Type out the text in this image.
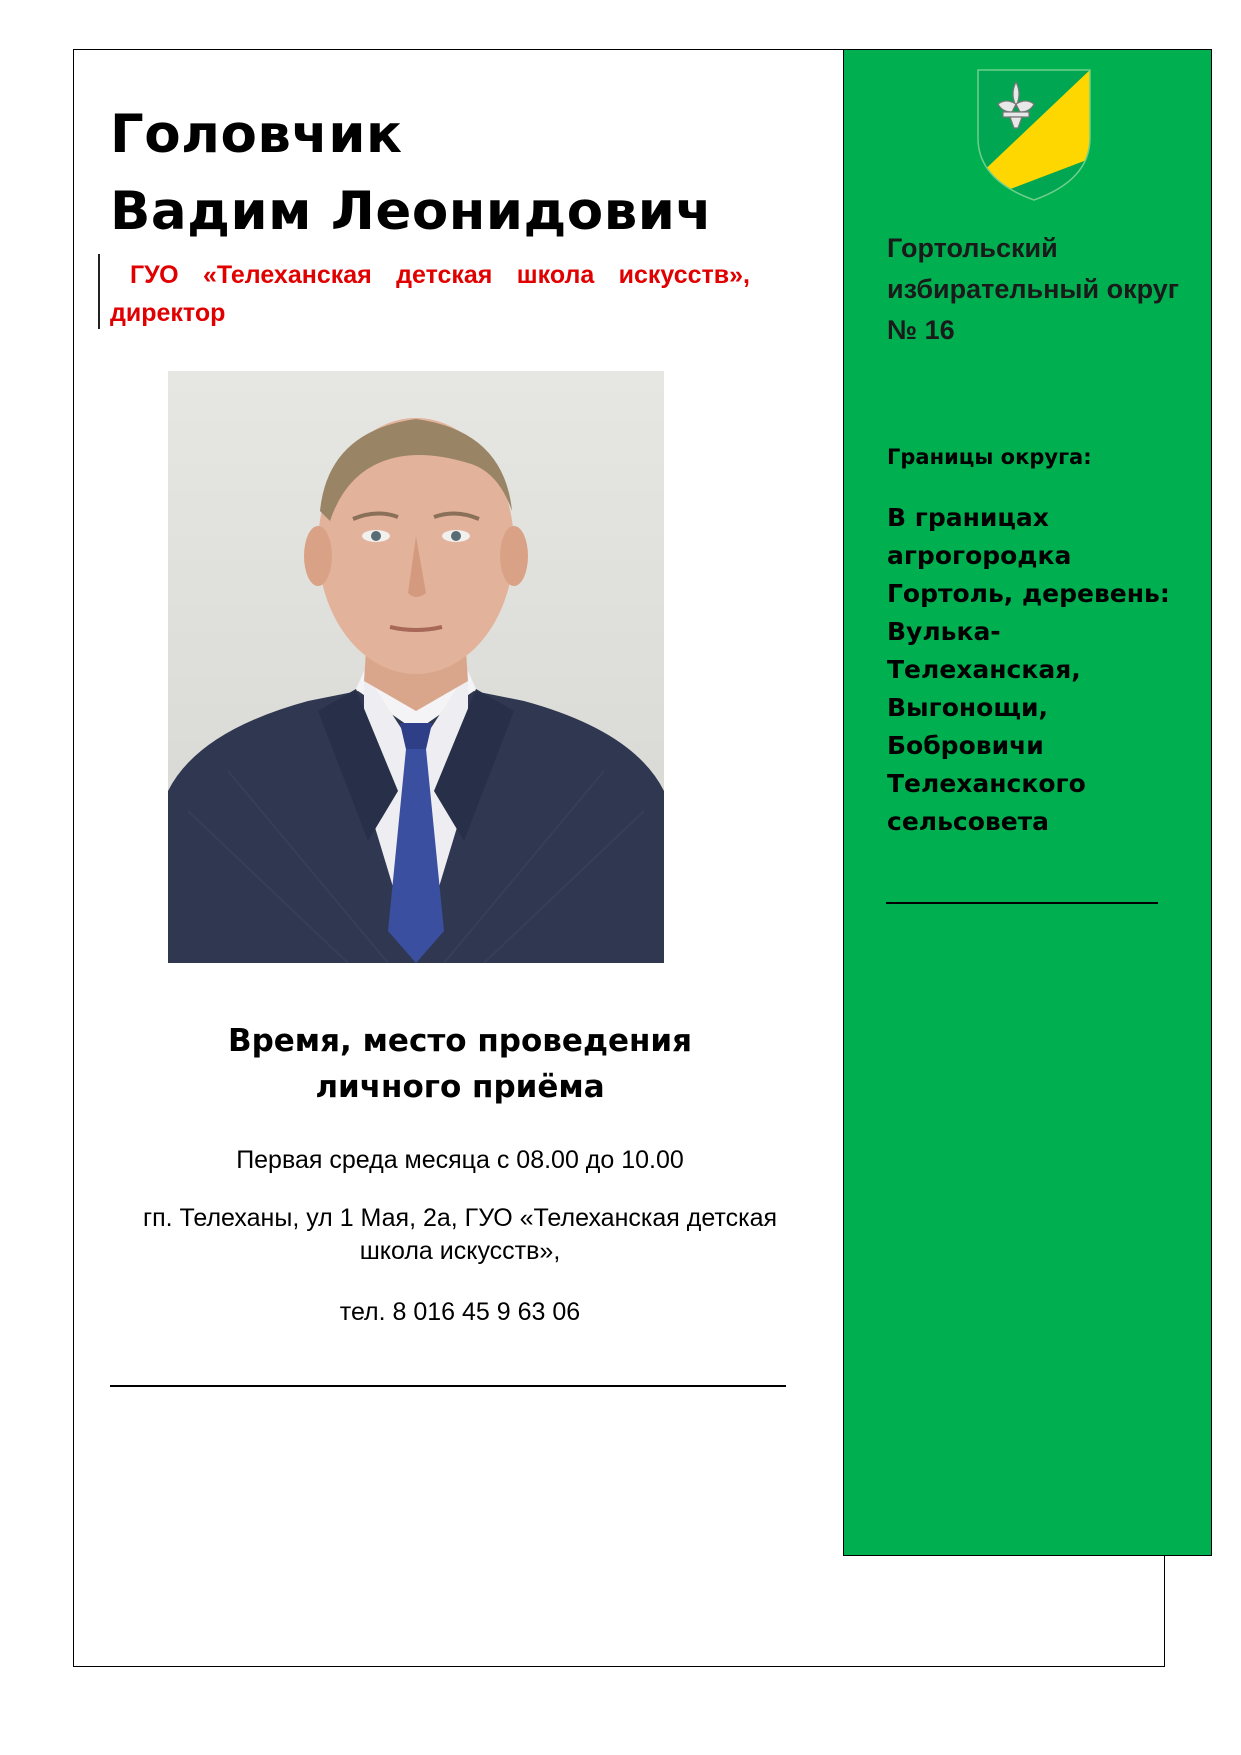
Головчик
Вадим Леонидович

ГУО «Телеханская детская школа искусств», директор

Время, место проведения личного приёма

Первая среда месяца с 08.00 до 10.00

гп. Телеханы, ул 1 Мая, 2а, ГУО «Телеханская детская школа искусств»,

тел. 8 016 45 9 63 06

Гортольский избирательный округ № 16

Границы округа:

В границах агрогородка Гортоль, деревень: Вулька-Телеханская, Выгонощи, Бобровичи Телеханского сельсовета
